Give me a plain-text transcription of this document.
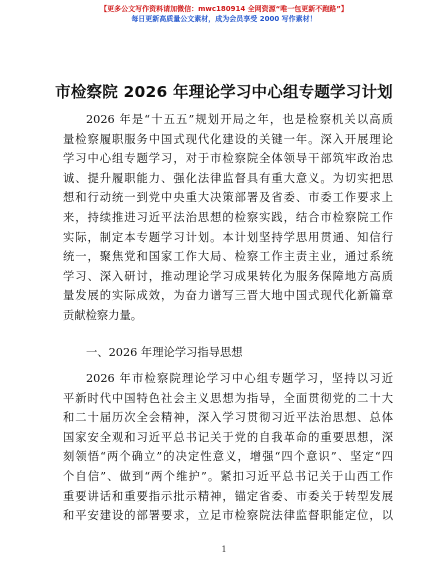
【更多公文写作资料请加微信：mwc180914 全网资源“唯一包更新不跑路”】
每日更新高质量公文素材，成为会员享受 2000 写作素材！
市检察院 2026 年理论学习中心组专题学习计划
2026 年是“十五五”规划开局之年，也是检察机关以高质
量检察履职服务中国式现代化建设的关键一年。深入开展理论
学习中心组专题学习，对于市检察院全体领导干部筑牢政治忠
诚、提升履职能力、强化法律监督具有重大意义。为切实把思
想和行动统一到党中央重大决策部署及省委、市委工作要求上
来，持续推进习近平法治思想的检察实践，结合市检察院工作
实际，制定本专题学习计划。本计划坚持学思用贯通、知信行
统一，聚焦党和国家工作大局、检察工作主责主业，通过系统
学习、深入研讨，推动理论学习成果转化为服务保障地方高质
量发展的实际成效，为奋力谱写三晋大地中国式现代化新篇章
贡献检察力量。
一、2026 年理论学习指导思想
2026 年市检察院理论学习中心组专题学习，坚持以习近
平新时代中国特色社会主义思想为指导，全面贯彻党的二十大
和二十届历次全会精神，深入学习贯彻习近平法治思想、总体
国家安全观和习近平总书记关于党的自我革命的重要思想，深
刻领悟“两个确立”的决定性意义，增强“四个意识”、坚定“四
个自信”、做到“两个维护”。紧扣习近平总书记关于山西工作
重要讲话和重要指示批示精神，锚定省委、市委关于转型发展
和平安建设的部署要求，立足市检察院法律监督职能定位，以
1
